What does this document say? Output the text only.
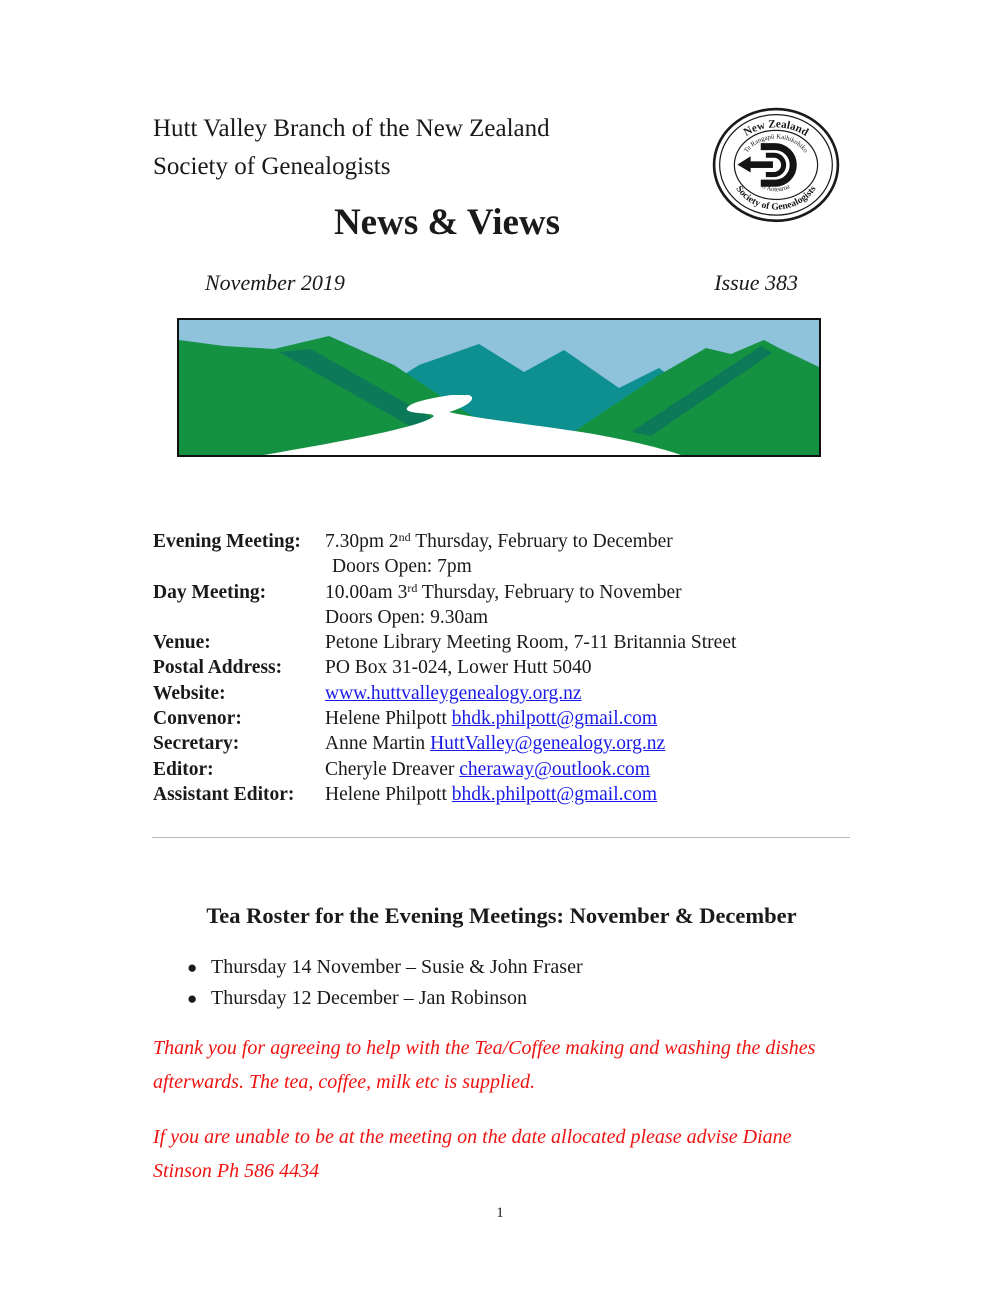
Hutt Valley Branch of the New Zealand
Society of Genealogists
New Zealand
Society of Genealogists
Te Rangapū Kaihikohiko
o Aotearoa
News & Views
November 2019	Issue 383
Evening Meeting:	7.30pm 2nd Thursday, February to December
Doors Open: 7pm
Day Meeting:	10.00am 3rd Thursday, February to November
Doors Open: 9.30am
Venue:	Petone Library Meeting Room, 7-11 Britannia Street
Postal Address:	PO Box 31-024, Lower Hutt 5040
Website:	www.huttvalleygenealogy.org.nz
Convenor:	Helene Philpott bhdk.philpott@gmail.com
Secretary:	Anne Martin HuttValley@genealogy.org.nz
Editor:	Cheryle Dreaver cheraway@outlook.com
Assistant Editor:	Helene Philpott bhdk.philpott@gmail.com
Tea Roster for the Evening Meetings: November & December
● Thursday 14 November – Susie & John Fraser
● Thursday 12 December – Jan Robinson

Thank you for agreeing to help with the Tea/Coffee making and washing the dishes afterwards. The tea, coffee, milk etc is supplied.

If you are unable to be at the meeting on the date allocated please advise Diane Stinson Ph 586 4434

1
